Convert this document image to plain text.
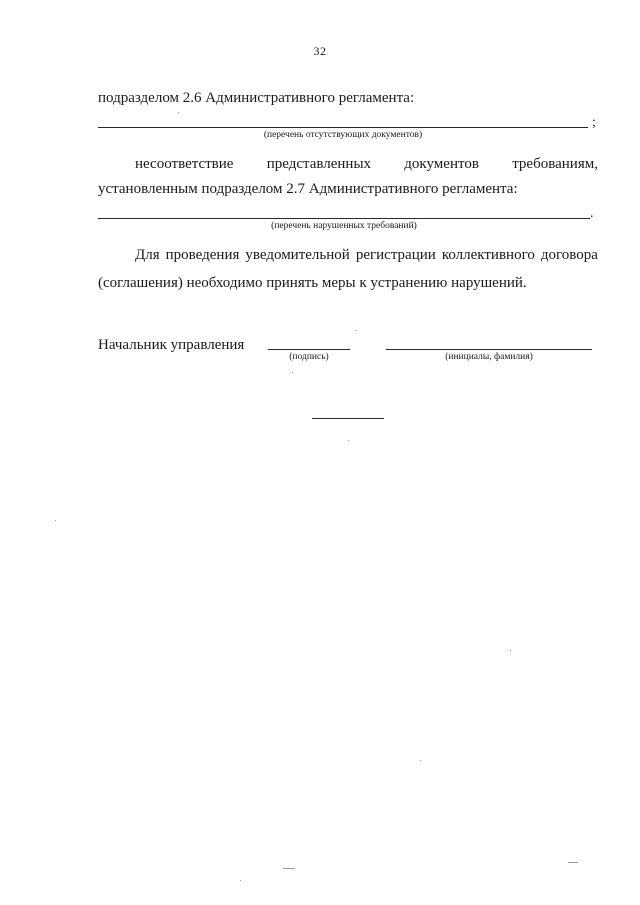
32
подразделом 2.6 Административного регламента:
;
(перечень отсутствующих документов)
несоответствие представленных документов требованиям,
установленным подразделом 2.7 Административного регламента:
.
(перечень нарушенных требований)
Для проведения уведомительной регистрации коллективного договора
(соглашения) необходимо принять меры к устранению нарушений.
Начальник управления
(подпись)	(инициалы, фамилия)
